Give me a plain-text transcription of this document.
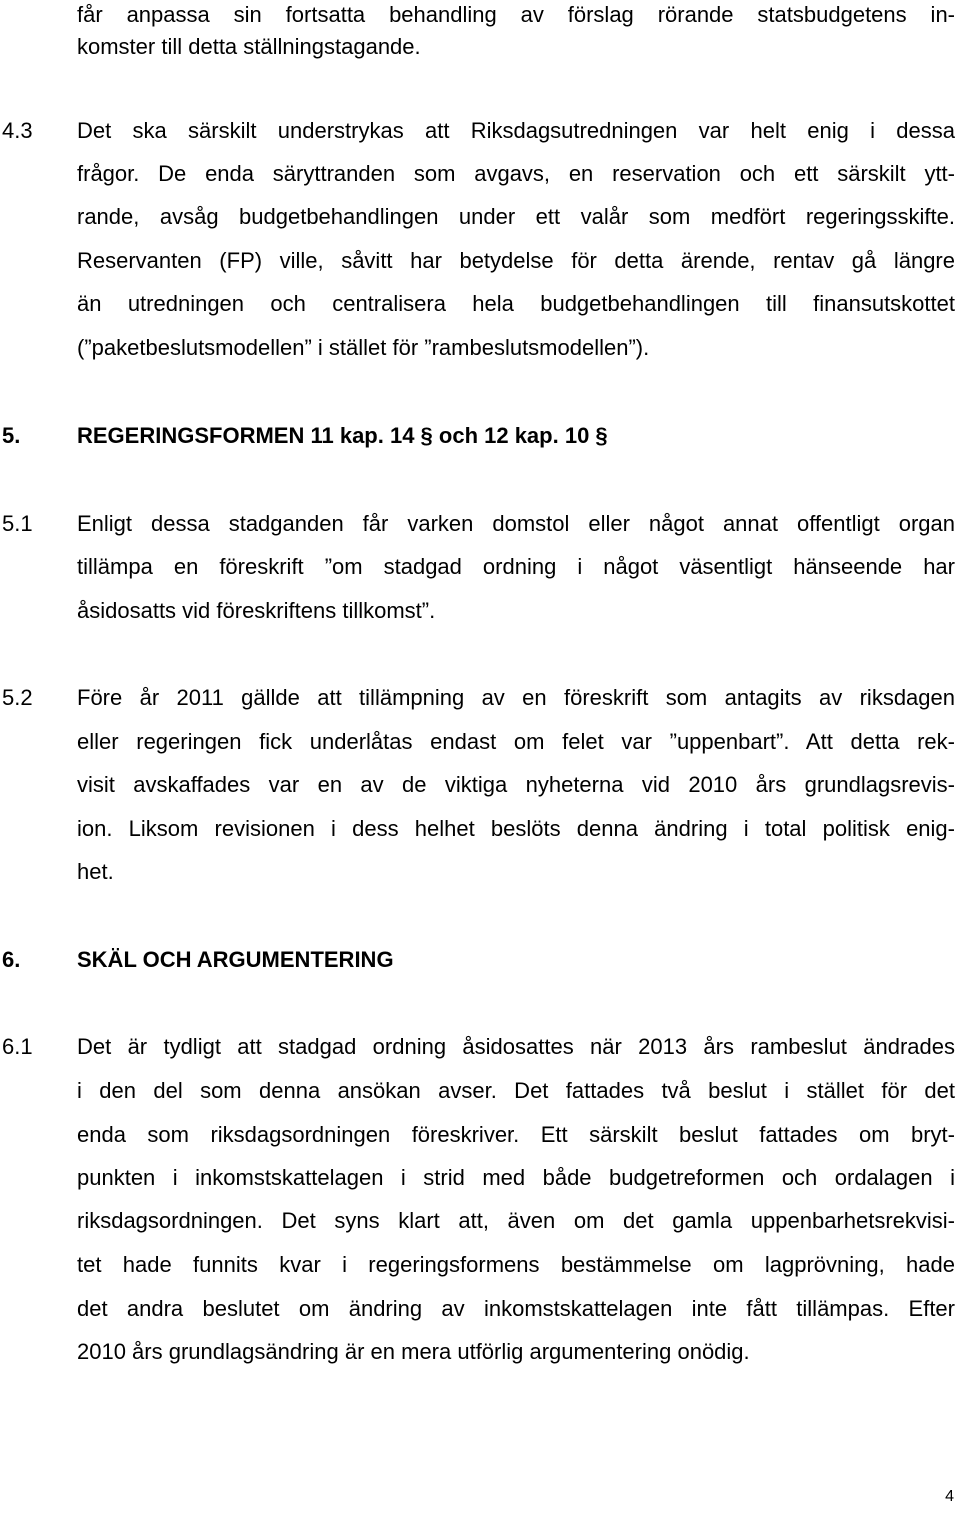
får anpassa sin fortsatta behandling av förslag rörande statsbudgetens in-
komster till detta ställningstagande.
4.3 Det ska särskilt understrykas att Riksdagsutredningen var helt enig i dessa
frågor. De enda säryttranden som avgavs, en reservation och ett särskilt ytt-
rande, avsåg budgetbehandlingen under ett valår som medfört regeringsskifte.
Reservanten (FP) ville, såvitt har betydelse för detta ärende, rentav gå längre
än utredningen och centralisera hela budgetbehandlingen till finansutskottet
(”paketbeslutsmodellen” i stället för ”rambeslutsmodellen”).
5.	REGERINGSFORMEN 11 kap. 14 § och 12 kap. 10 §
5.1 Enligt dessa stadganden får varken domstol eller något annat offentligt organ
tillämpa en föreskrift ”om stadgad ordning i något väsentligt hänseende har
åsidosatts vid föreskriftens tillkomst”.
5.2 Före år 2011 gällde att tillämpning av en föreskrift som antagits av riksdagen
eller regeringen fick underlåtas endast om felet var ”uppenbart”. Att detta rek-
visit avskaffades var en av de viktiga nyheterna vid 2010 års grundlagsrevis-
ion. Liksom revisionen i dess helhet beslöts denna ändring i total politisk enig-
het.
6.	SKÄL OCH ARGUMENTERING
6.1 Det är tydligt att stadgad ordning åsidosattes när 2013 års rambeslut ändrades
i den del som denna ansökan avser. Det fattades två beslut i stället för det
enda som riksdagsordningen föreskriver. Ett särskilt beslut fattades om bryt-
punkten i inkomstskattelagen i strid med både budgetreformen och ordalagen i
riksdagsordningen. Det syns klart att, även om det gamla uppenbarhetsrekvisi-
tet hade funnits kvar i regeringsformens bestämmelse om lagprövning, hade
det andra beslutet om ändring av inkomstskattelagen inte fått tillämpas. Efter
2010 års grundlagsändring är en mera utförlig argumentering onödig.
4
